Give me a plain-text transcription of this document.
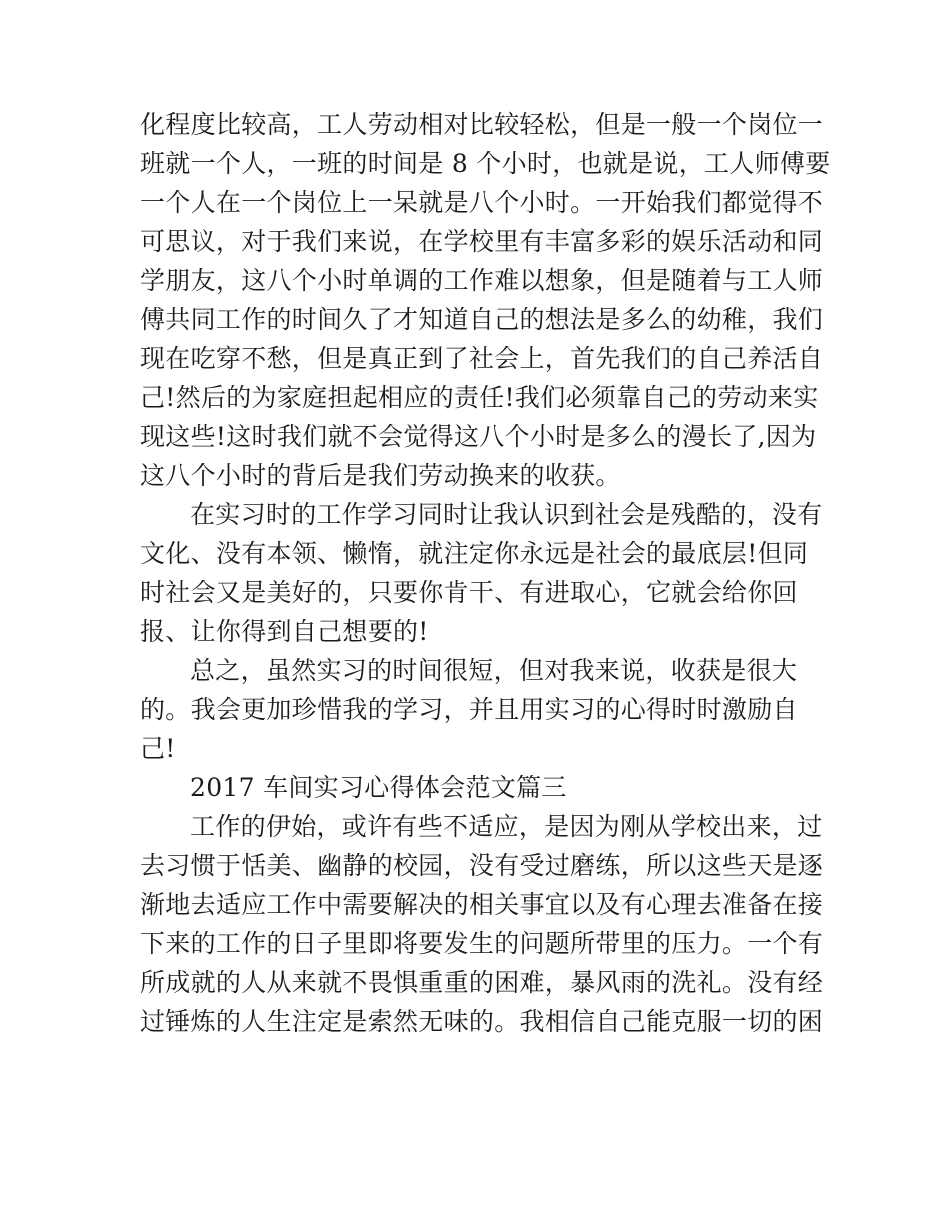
化程度比较高，工人劳动相对比较轻松，但是一般一个岗位一
班就一个人，一班的时间是 8 个小时，也就是说，工人师傅要
一个人在一个岗位上一呆就是八个小时。一开始我们都觉得不
可思议，对于我们来说，在学校里有丰富多彩的娱乐活动和同
学朋友，这八个小时单调的工作难以想象，但是随着与工人师
傅共同工作的时间久了才知道自己的想法是多么的幼稚，我们
现在吃穿不愁，但是真正到了社会上，首先我们的自己养活自
己!然后的为家庭担起相应的责任!我们必须靠自己的劳动来实
现这些!这时我们就不会觉得这八个小时是多么的漫长了,因为
这八个小时的背后是我们劳动换来的收获。
在实习时的工作学习同时让我认识到社会是残酷的，没有
文化、没有本领、懒惰，就注定你永远是社会的最底层!但同
时社会又是美好的，只要你肯干、有进取心，它就会给你回
报、让你得到自己想要的!
总之，虽然实习的时间很短，但对我来说，收获是很大
的。我会更加珍惜我的学习，并且用实习的心得时时激励自
己!
2017 车间实习心得体会范文篇三
工作的伊始，或许有些不适应，是因为刚从学校出来，过
去习惯于恬美、幽静的校园，没有受过磨练，所以这些天是逐
渐地去适应工作中需要解决的相关事宜以及有心理去准备在接
下来的工作的日子里即将要发生的问题所带里的压力。一个有
所成就的人从来就不畏惧重重的困难，暴风雨的洗礼。没有经
过锤炼的人生注定是索然无味的。我相信自己能克服一切的困
